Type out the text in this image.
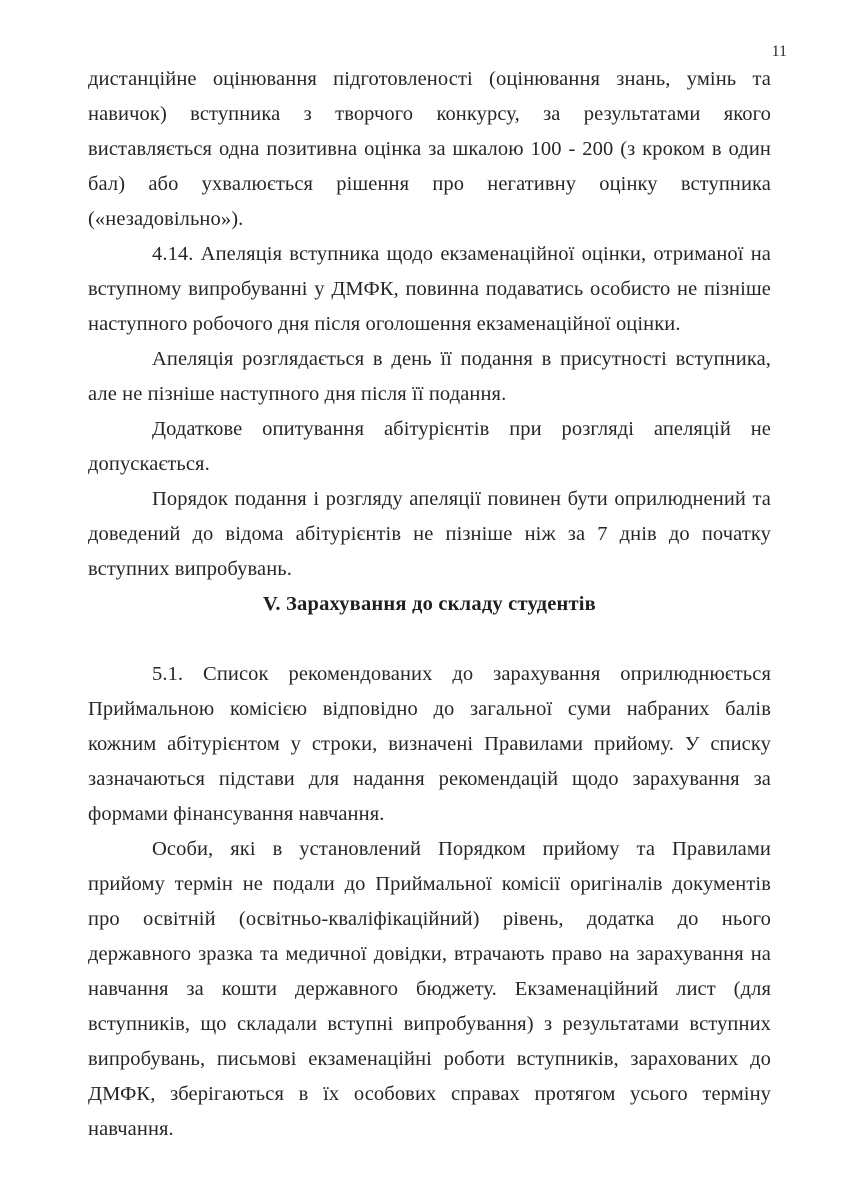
11

дистанційне оцінювання підготовленості (оцінювання знань, умінь та навичок) вступника з творчого конкурсу, за результатами якого виставляється одна позитивна оцінка за шкалою 100 - 200 (з кроком в один бал) або ухвалюється рішення про негативну оцінку вступника («незадовільно»).

4.14. Апеляція вступника щодо екзаменаційної оцінки, отриманої на вступному випробуванні у ДМФК, повинна подаватись особисто не пізніше наступного робочого дня після оголошення екзаменаційної оцінки.

Апеляція розглядається в день її подання в присутності вступника, але не пізніше наступного дня після її подання.

Додаткове опитування абітурієнтів при розгляді апеляцій не допускається.

Порядок подання і розгляду апеляції повинен бути оприлюднений та доведений до відома абітурієнтів не пізніше ніж за 7 днів до початку вступних випробувань.

V. Зарахування до складу студентів

5.1. Список рекомендованих до зарахування оприлюднюється Приймальною комісією відповідно до загальної суми набраних балів кожним абітурієнтом у строки, визначені Правилами прийому. У списку зазначаються підстави для надання рекомендацій щодо зарахування за формами фінансування навчання.

Особи, які в установлений Порядком прийому та Правилами прийому термін не подали до Приймальної комісії оригіналів документів про освітній (освітньо-кваліфікаційний) рівень, додатка до нього державного зразка та медичної довідки, втрачають право на зарахування на навчання за кошти державного бюджету. Екзаменаційний лист (для вступників, що складали вступні випробування) з результатами вступних випробувань, письмові екзаменаційні роботи вступників, зарахованих до ДМФК, зберігаються в їх особових справах протягом усього терміну навчання.
